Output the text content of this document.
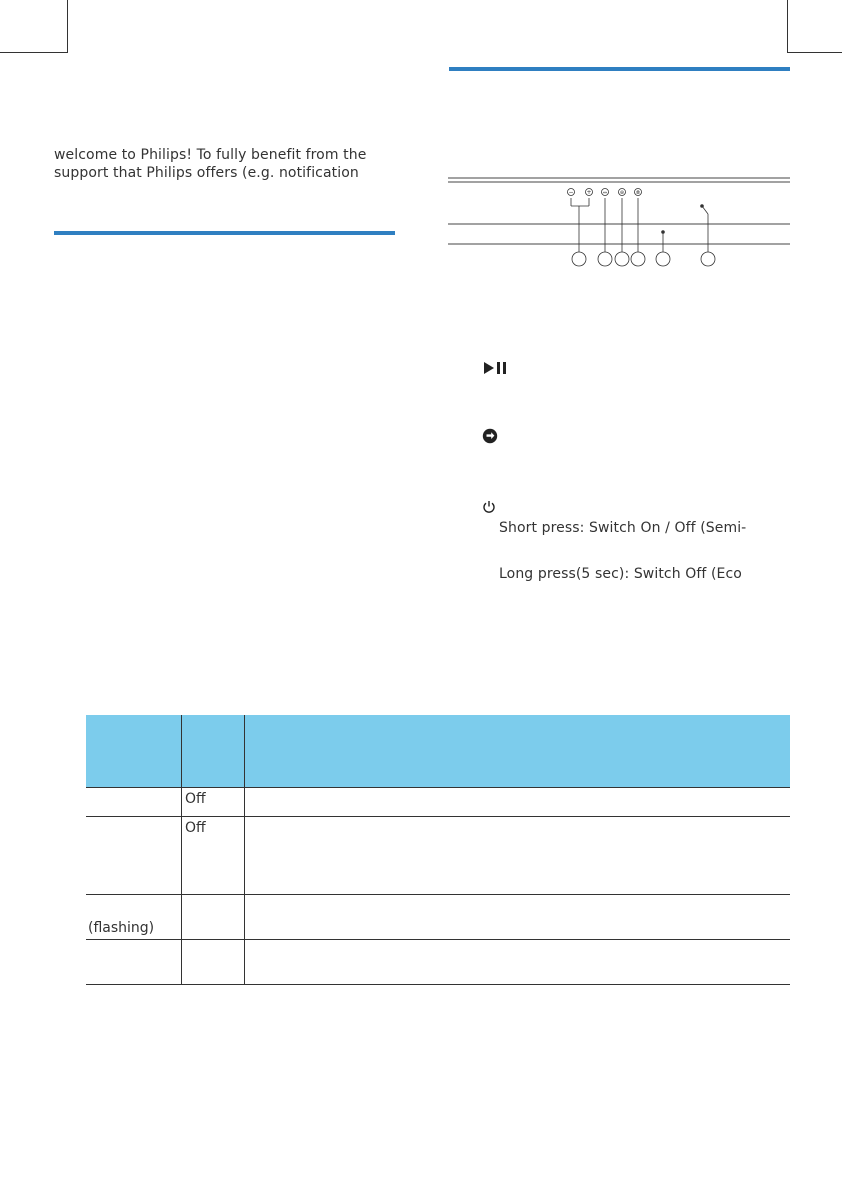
welcome to Philips! To fully benefit from the
support that Philips offers (e.g. notification
− + ⇔	⊛ ⦾
Short press: Switch On / Off (Semi-
Long press(5 sec): Switch Off (Eco

	Off	
	Off	
(flashing)		
